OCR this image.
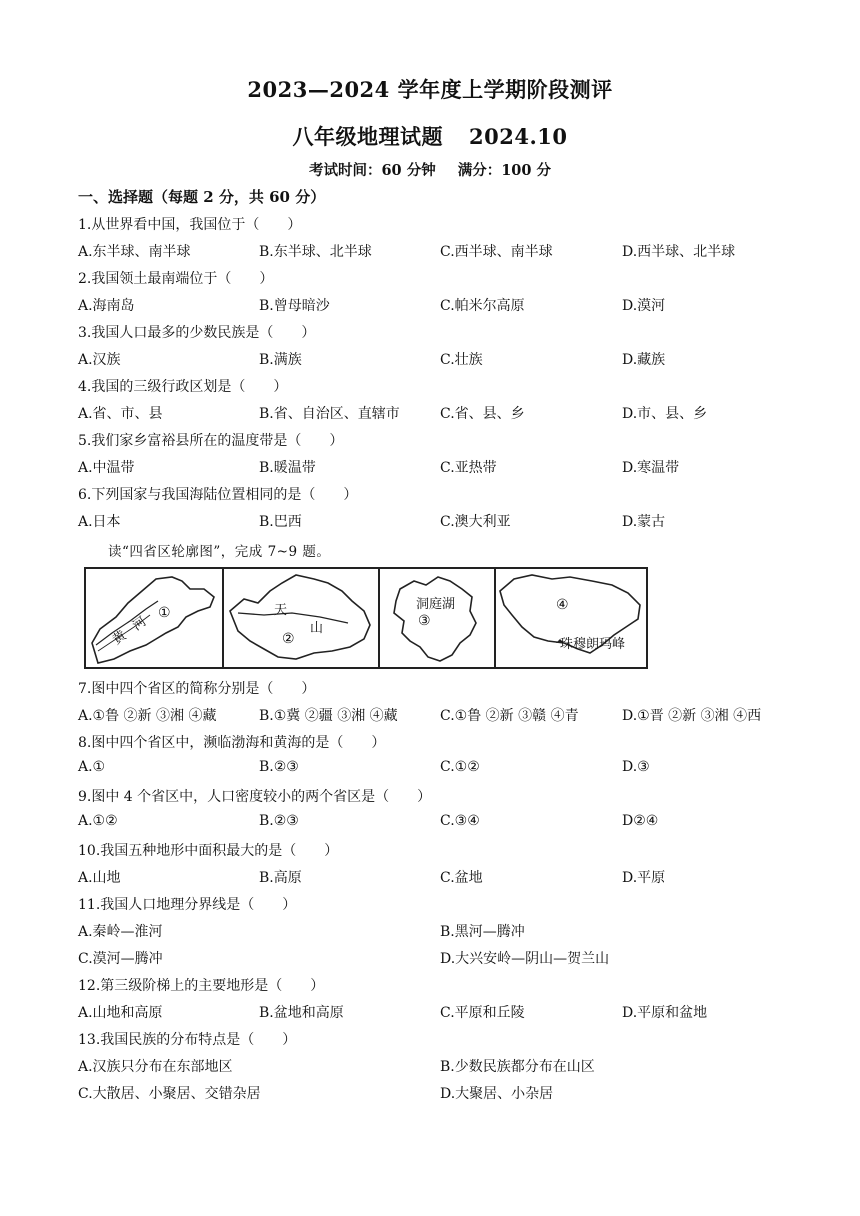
2023—2024 学年度上学期阶段测评
八年级地理试题 2024.10
考试时间：60 分钟 满分：100 分
一、选择题（每题 2 分，共 60 分）
1.从世界看中国，我国位于（　　）
A.东半球、南半球	B.东半球、北半球	C.西半球、南半球	D.西半球、北半球
2.我国领土最南端位于（　　）
A.海南岛	B.曾母暗沙	C.帕米尔高原	D.漠河
3.我国人口最多的少数民族是（　　）
A.汉族	B.满族	C.壮族	D.藏族
4.我国的三级行政区划是（　　）
A.省、市、县	B.省、自治区、直辖市	C.省、县、乡	D.市、县、乡
5.我们家乡富裕县所在的温度带是（　　）
A.中温带	B.暖温带	C.亚热带	D.寒温带
6.下列国家与我国海陆位置相同的是（　　）
A.日本	B.巴西	C.澳大利亚	D.蒙古
读“四省区轮廓图”，完成 7~9 题。
黄
河
①	天
山
②
洞庭湖
③
④
珠穆朗玛峰
7.图中四个省区的简称分别是（　　）
A.①鲁 ②新 ③湘 ④藏	B.①冀 ②疆 ③湘 ④藏	C.①鲁 ②新 ③赣 ④青	D.①晋 ②新 ③湘 ④西
8.图中四个省区中，濒临渤海和黄海的是（　　）
A.①	B.②③	C.①②	D.③
9.图中 4 个省区中，人口密度较小的两个省区是（　　）
A.①②	B.②③	C.③④	D②④
10.我国五种地形中面积最大的是（　　）
A.山地	B.高原	C.盆地	D.平原
11.我国人口地理分界线是（　　）
A.秦岭—淮河	B.黑河—腾冲
C.漠河—腾冲	D.大兴安岭—阴山—贺兰山
12.第三级阶梯上的主要地形是（　　）
A.山地和高原	B.盆地和高原	C.平原和丘陵	D.平原和盆地
13.我国民族的分布特点是（　　）
A.汉族只分布在东部地区	B.少数民族都分布在山区
C.大散居、小聚居、交错杂居	D.大聚居、小杂居
